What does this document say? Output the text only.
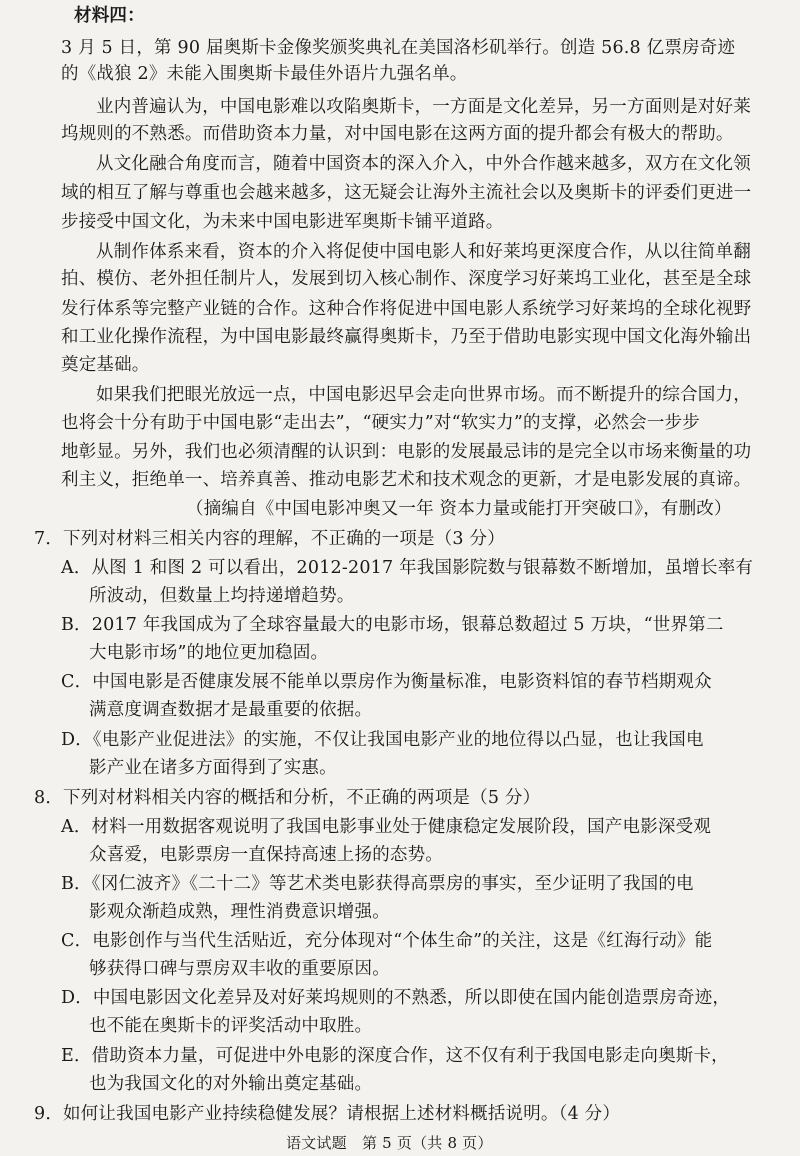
材料四：
3 月 5 日，第 90 届奥斯卡金像奖颁奖典礼在美国洛杉矶举行。创造 56.8 亿票房奇迹
的《战狼 2》未能入围奥斯卡最佳外语片九强名单。
业内普遍认为，中国电影难以攻陷奥斯卡，一方面是文化差异，另一方面则是对好莱
坞规则的不熟悉。而借助资本力量，对中国电影在这两方面的提升都会有极大的帮助。
从文化融合角度而言，随着中国资本的深入介入，中外合作越来越多，双方在文化领
域的相互了解与尊重也会越来越多，这无疑会让海外主流社会以及奥斯卡的评委们更进一
步接受中国文化，为未来中国电影进军奥斯卡铺平道路。
从制作体系来看，资本的介入将促使中国电影人和好莱坞更深度合作，从以往简单翻
拍、模仿、老外担任制片人，发展到切入核心制作、深度学习好莱坞工业化，甚至是全球
发行体系等完整产业链的合作。这种合作将促进中国电影人系统学习好莱坞的全球化视野
和工业化操作流程，为中国电影最终赢得奥斯卡，乃至于借助电影实现中国文化海外输出
奠定基础。
如果我们把眼光放远一点，中国电影迟早会走向世界市场。而不断提升的综合国力，
也将会十分有助于中国电影“走出去”，“硬实力”对“软实力”的支撑，必然会一步步
地彰显。另外，我们也必须清醒的认识到：电影的发展最忌讳的是完全以市场来衡量的功
利主义，拒绝单一、培养真善、推动电影艺术和技术观念的更新，才是电影发展的真谛。
（摘编自《中国电影冲奥又一年 资本力量或能打开突破口》，有删改）
7．下列对材料三相关内容的理解，不正确的一项是（3 分）
A．从图 1 和图 2 可以看出，2012-2017 年我国影院数与银幕数不断增加，虽增长率有
所波动，但数量上均持递增趋势。
B．2017 年我国成为了全球容量最大的电影市场，银幕总数超过 5 万块，“世界第二
大电影市场”的地位更加稳固。
C．中国电影是否健康发展不能单以票房作为衡量标准，电影资料馆的春节档期观众
满意度调查数据才是最重要的依据。
D．《电影产业促进法》的实施，不仅让我国电影产业的地位得以凸显，也让我国电
影产业在诸多方面得到了实惠。
8．下列对材料相关内容的概括和分析，不正确的两项是（5 分）
A．材料一用数据客观说明了我国电影事业处于健康稳定发展阶段，国产电影深受观
众喜爱，电影票房一直保持高速上扬的态势。
B．《冈仁波齐》《二十二》等艺术类电影获得高票房的事实，至少证明了我国的电
影观众渐趋成熟，理性消费意识增强。
C．电影创作与当代生活贴近，充分体现对“个体生命”的关注，这是《红海行动》能
够获得口碑与票房双丰收的重要原因。
D．中国电影因文化差异及对好莱坞规则的不熟悉，所以即使在国内能创造票房奇迹，
也不能在奥斯卡的评奖活动中取胜。
E．借助资本力量，可促进中外电影的深度合作，这不仅有利于我国电影走向奥斯卡，
也为我国文化的对外输出奠定基础。
9．如何让我国电影产业持续稳健发展？请根据上述材料概括说明。（4 分）
语文试题　第 5 页（共 8 页）
